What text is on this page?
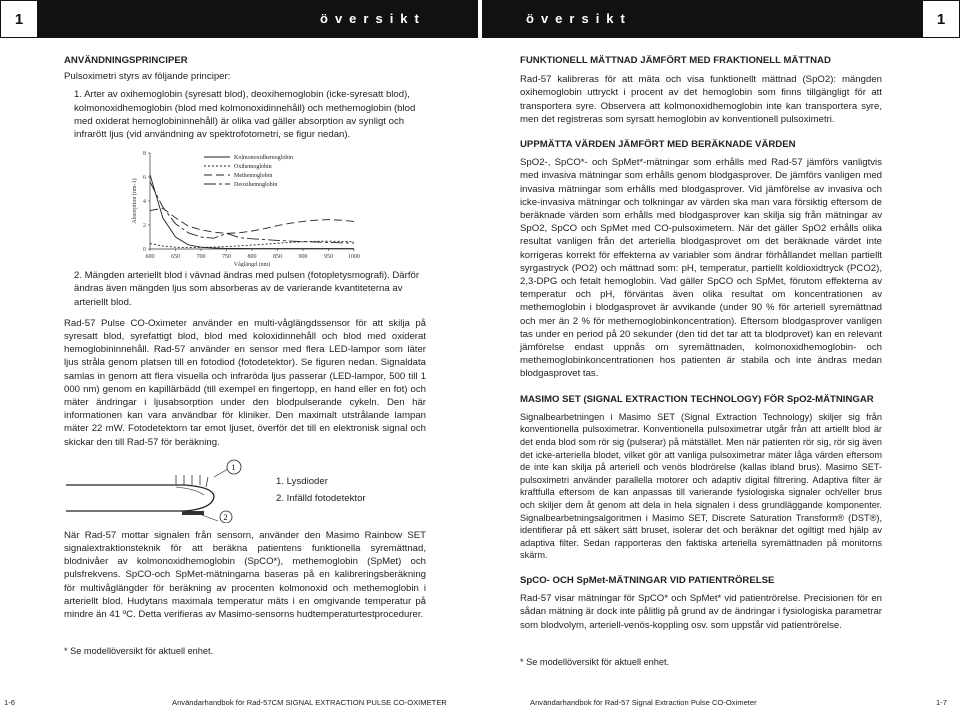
1	översikt	översikt	1

ANVÄNDNINGSPRINCIPER

Pulsoximetri styrs av följande principer:

1. Arter av oxihemoglobin (syresatt blod), deoxihemoglobin (icke-syresatt blod), kolmonoxidhemoglobin (blod med kolmonoxidinnehåll) och methemoglobin (blod med oxiderat hemoglobininnehåll) är olika vad gäller absorption av synligt och infrarött ljus (vid användning av spektrofotometri, se figur nedan).

600	650	700	750	800	850	900	950	1000
0
2
4
6
8
Våglängd (nm)
Absorption (nm-1)
Kolmonoxidhemoglobin
Oxihemoglobin
Methemoglobin
Deoxihemoglobin

2. Mängden arteriellt blod i vävnad ändras med pulsen (fotopletysmografi). Därför ändras även mängden ljus som absorberas av de varierande kvantiteterna av arteriellt blod.

Rad-57 Pulse CO-Oximeter använder en multi-våglängdssensor för att skilja på syresatt blod, syrefattigt blod, blod med koloxidinnehåll och blod med oxiderat hemoglobininnehåll. Rad-57 använder en sensor med flera LED-lampor som läter ljus stråla genom platsen till en fotodiod (fotodetektor). Se figuren nedan. Signaldata samlas in genom att flera visuella och infraröda ljus passerar (LED-lampor, 500 till 1 000 nm) genom en kapillärbädd (till exempel en fingertopp, en hand eller en fot) och mäter ändringar i ljusabsorption under den blodpulserande cykeln. Den här informationen kan vara användbar för kliniker. Den maximalt utstrålande lampan mäter 22 mW. Fotodetektorn tar emot ljuset, överför det till en elektronisk signal och skickar den till Rad-57 för beräkning.

1
2

1. Lysdioder

2. Infälld fotodetektor

När Rad-57 mottar signalen från sensorn, använder den Masimo Rainbow SET signalextraktionsteknik för att beräkna patientens funktionella syremättnad, blodnivåer av kolmonoxidhemoglobin (SpCO*), methemoglobin (SpMet) och pulsfrekvens. SpCO-och SpMet-mätningarna baseras på en kalibreringsberäkning för multivåglängder för beräkning av procenten kolmonoxid och methemoglobin i arteriellt blod. Hudytans maximala temperatur mäts i en omgivande temperatur på mindre än 41 ºC. Detta verifieras av Masimo-sensorns hudtemperaturtestprocedurer.

* Se modellöversikt för aktuell enhet.

FUNKTIONELL MÄTTNAD JÄMFÖRT MED FRAKTIONELL MÄTTNAD

Rad-57 kalibreras för att mäta och visa funktionellt mättnad (SpO2): mängden oxihemoglobin uttryckt i procent av det hemoglobin som finns tillgängligt för att transportera syre. Observera att kolmonoxidhemoglobin inte kan transportera syre, men det registreras som syrsatt hemoglobin av konventionell pulsoximetri.

UPPMÄTTA VÄRDEN JÄMFÖRT MED BERÄKNADE VÄRDEN

SpO2-, SpCO*- och SpMet*-mätningar som erhålls med Rad-57 jämförs vanligtvis med invasiva mätningar som erhålls genom blodgasprover. De jämförs vanligen med invasiva mätningar som erhålls med blodgasprover. Vid jämförelse av invasiva och icke-invasiva mätningar och tolkningar av värden ska man vara försiktig eftersom de beräknade värden som erhålls med blodgasprover kan skilja sig från mätningar av SpO2, SpCO och SpMet med CO-pulsoximetern. När det gäller SpO2 erhålls olika resultat vanligen från det arteriella blodgasprovet om det beräknade värdet inte korrigeras korrekt för effekterna av variabler som ändrar förhållandet mellan partiellt syrgastryck (PO2) och mättnad som: pH, temperatur, partiellt koldioxidtryck (PCO2), 2,3-DPG och fetalt hemoglobin. Vad gäller SpCO och SpMet, förutom effekterna av temperatur och pH, förväntas även olika resultat om koncentrationen av methemoglobin i blodgasprovet är avvikande (under 90 % för arteriell syremättnad och mer än 2 % för methemoglobinkoncentration). Eftersom blodgasprover vanligen tas under en period på 20 sekunder (den tid det tar att ta blodprovet) kan en relevant jämförelse endast uppnås om syremättnaden, kolmonoxidhemoglobin- och methemoglobinkoncentrationen hos patienten är stabila och inte ändras medan blodgasprovet tas.

MASIMO SET (SIGNAL EXTRACTION TECHNOLOGY) FÖR SpO2-MÄTNINGAR

Signalbearbetningen i Masimo SET (Signal Extraction Technology) skiljer sig från konventionella pulsoximetrar. Konventionella pulsoximetrar utgår från att artiellt blod är det enda blod som rör sig (pulserar) på mätstället. Men när patienten rör sig, rör sig även det icke-arteriella blodet, vilket gör att vanliga pulsoximetrar mäter låga värden eftersom de inte kan skilja på arteriell och venös blodrörelse (kallas ibland brus). Masimo SET-pulsoximetri använder parallella motorer och adaptiv digital filtrering. Adaptiva filter är kraftfulla eftersom de kan anpassas till varierande fysiologiska signaler och/eller brus och skiljer dem åt genom att dela in hela signalen i dess grundläggande komponenter. Signalbearbetningsalgoritmen i Masimo SET, Discrete Saturation Transform® (DST®), identifierar på ett säkert sätt bruset, isolerar det och beräknar det ogiltigt med hjälp av adaptiva filter. Sedan rapporteras den faktiska arteriella syremättnaden på monitorns skärm.

SpCO- OCH SpMet-MÄTNINGAR VID PATIENTRÖRELSE

Rad-57 visar mätningar för SpCO* och SpMet* vid patientrörelse. Precisionen för en sådan mätning är dock inte pålitlig på grund av de ändringar i fysiologiska parametrar som blodvolym, arteriell-venös-koppling osv. som uppstår vid patientrörelse.

* Se modellöversikt för aktuell enhet.

1-6	Användarhandbok för Rad-57CM SIGNAL EXTRACTION PULSE CO-OXIMETER	Användarhandbok för Rad-57 Signal Extraction Pulse CO-Oximeter	1-7
